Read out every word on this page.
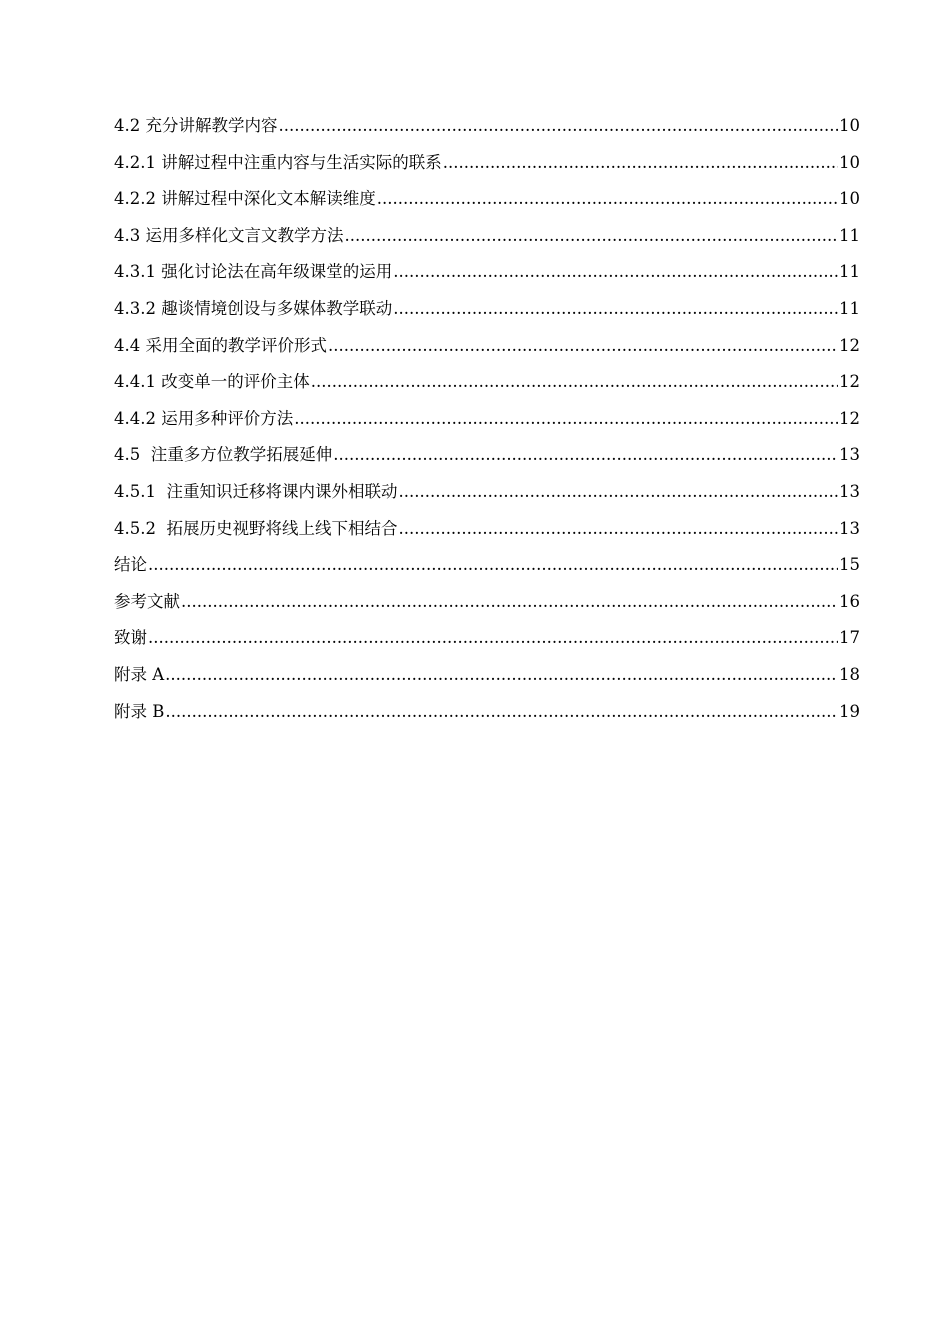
4.2 充分讲解教学内容 .....	10
4.2.1 讲解过程中注重内容与生活实际的联系 .....	10
4.2.2 讲解过程中深化文本解读维度 .....	10
4.3 运用多样化文言文教学方法 .....	11
4.3.1 强化讨论法在高年级课堂的运用 .....	11
4.3.2 趣谈情境创设与多媒体教学联动 .....	11
4.4 采用全面的教学评价形式 .....	12
4.4.1 改变单一的评价主体 .....	12
4.4.2 运用多种评价方法 .....	12
4.5  注重多方位教学拓展延伸 .....	13
4.5.1  注重知识迁移将课内课外相联动 .....	13
4.5.2  拓展历史视野将线上线下相结合 .....	13
结论 .....	15
参考文献 .....	16
致谢 .....	17
附录 A .....	18
附录 B .....	19
